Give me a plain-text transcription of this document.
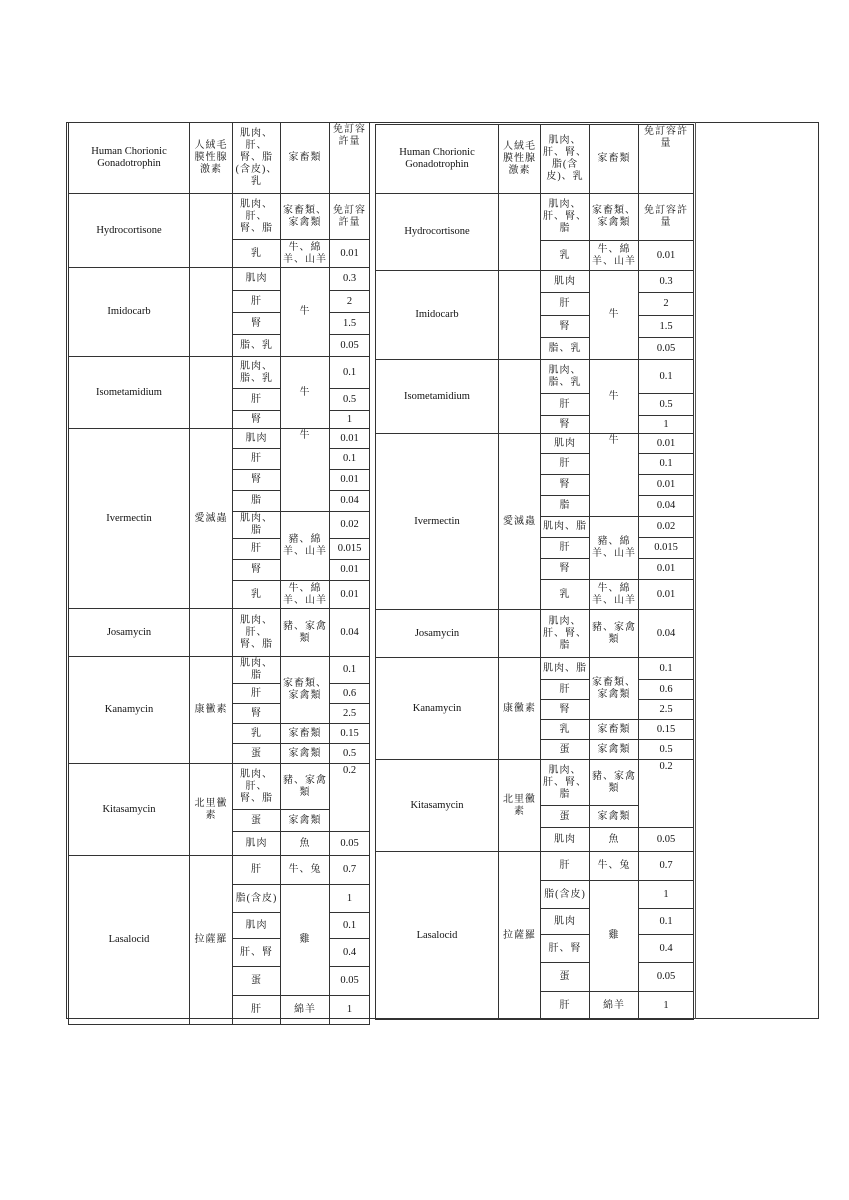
Human Chorionic Gonadotrophin	人絨毛膜性腺激素	肌肉、肝、腎、脂(含皮)、乳	家畜類	免訂容許量
Hydrocortisone		肌肉、肝、腎、脂	家畜類、家禽類	免訂容許量
		乳	牛、綿羊、山羊	0.01
Imidocarb		肌肉	牛	0.3
		肝		2
		腎		1.5
		脂、乳		0.05
Isometamidium		肌肉、脂、乳	牛	0.1
		肝		0.5
		腎		1
Ivermectin	愛滅蟲	肌肉	牛	0.01
		肝		0.1
		腎		0.01
		脂		0.04
		肌肉、脂	豬、綿羊、山羊	0.02
		肝		0.015
		腎		0.01
		乳	牛、綿羊、山羊	0.01
Josamycin		肌肉、肝、腎、脂	豬、家禽類	0.04
Kanamycin	康黴素	肌肉、脂	家畜類、家禽類	0.1
		肝		0.6
		腎		2.5
		乳	家畜類	0.15
		蛋	家禽類	0.5
Kitasamycin	北里黴素	肌肉、肝、腎、脂	豬、家禽類	0.2
		蛋	家禽類	
		肌肉	魚	0.05
Lasalocid	拉薩羅	肝	牛、兔	0.7
		脂(含皮)	雞	1
		肌肉		0.1
		肝、腎		0.4
		蛋		0.05
		肝	綿羊	1
Human Chorionic Gonadotrophin	人絨毛膜性腺激素	肌肉、肝、腎、脂(含皮)、乳	家畜類	免訂容許量
Hydrocortisone		肌肉、肝、腎、脂	家畜類、家禽類	免訂容許量
		乳	牛、綿羊、山羊	0.01
Imidocarb		肌肉	牛	0.3
		肝		2
		腎		1.5
		脂、乳		0.05
Isometamidium		肌肉、脂、乳	牛	0.1
		肝		0.5
		腎		1
Ivermectin	愛滅蟲	肌肉	牛	0.01
		肝		0.1
		腎		0.01
		脂		0.04
		肌肉、脂	豬、綿羊、山羊	0.02
		肝		0.015
		腎		0.01
		乳	牛、綿羊、山羊	0.01
Josamycin		肌肉、肝、腎、脂	豬、家禽類	0.04
Kanamycin	康黴素	肌肉、脂	家畜類、家禽類	0.1
		肝		0.6
		腎		2.5
		乳	家畜類	0.15
		蛋	家禽類	0.5
Kitasamycin	北里黴素	肌肉、肝、腎、脂	豬、家禽類	0.2
		蛋	家禽類	
		肌肉	魚	0.05
Lasalocid	拉薩羅	肝	牛、兔	0.7
		脂(含皮)	雞	1
		肌肉		0.1
		肝、腎		0.4
		蛋		0.05
		肝	綿羊	1
